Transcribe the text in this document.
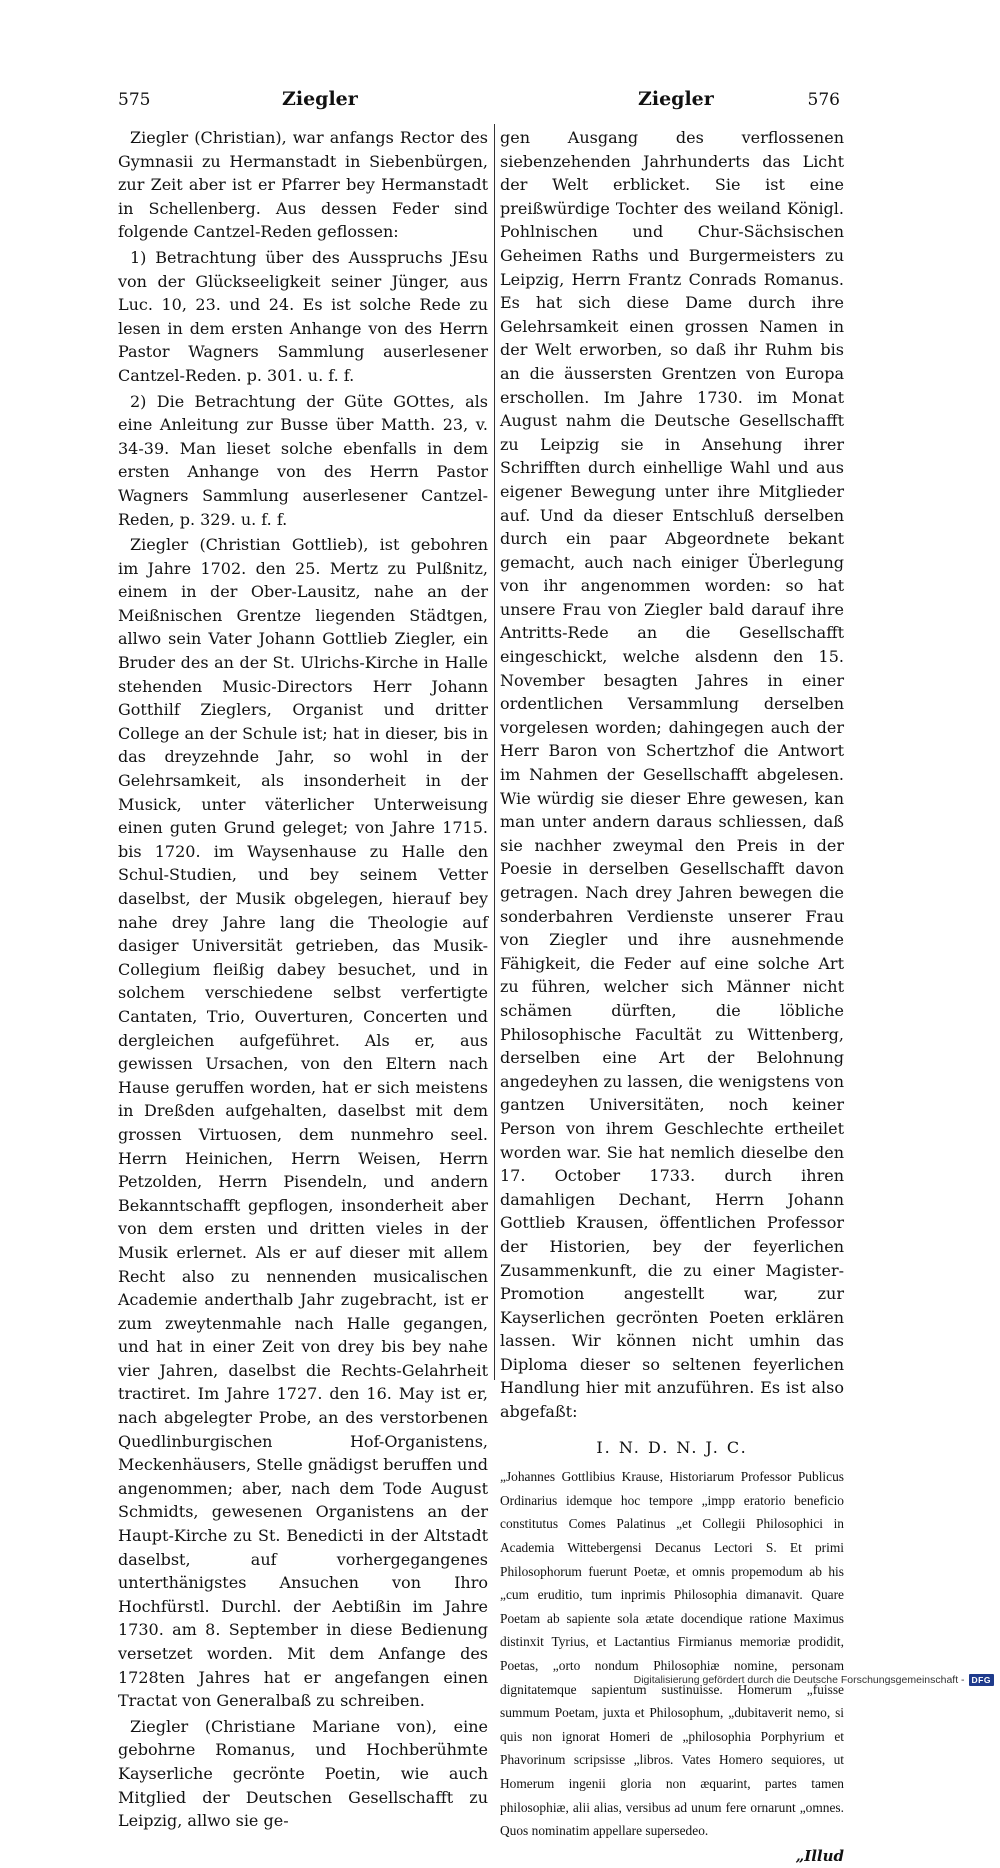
575	Ziegler	Ziegler	576

Ziegler (Christian), war anfangs Rector des Gymnasii zu Hermanstadt in Siebenbürgen, zur Zeit aber ist er Pfarrer bey Hermanstadt in Schellenberg. Aus dessen Feder sind folgende Cantzel-Reden geflossen:

1) Betrachtung über des Ausspruchs JEsu von der Glückseeligkeit seiner Jünger, aus Luc. 10, 23. und 24. Es ist solche Rede zu lesen in dem ersten Anhange von des Herrn Pastor Wagners Sammlung auserlesener Cantzel-Reden. p. 301. u. f. f.

2) Die Betrachtung der Güte GOttes, als eine Anleitung zur Busse über Matth. 23, v. 34-39. Man lieset solche ebenfalls in dem ersten Anhange von des Herrn Pastor Wagners Sammlung auserlesener Cantzel-Reden, p. 329. u. f. f.

Ziegler (Christian Gottlieb), ist gebohren im Jahre 1702. den 25. Mertz zu Pulßnitz, einem in der Ober-Lausitz, nahe an der Meißnischen Grentze liegenden Städtgen, allwo sein Vater Johann Gottlieb Ziegler, ein Bruder des an der St. Ulrichs-Kirche in Halle stehenden Music-Directors Herr Johann Gotthilf Zieglers, Organist und dritter College an der Schule ist; hat in dieser, bis in das dreyzehnde Jahr, so wohl in der Gelehrsamkeit, als insonderheit in der Musick, unter väterlicher Unterweisung einen guten Grund geleget; von Jahre 1715. bis 1720. im Waysenhause zu Halle den Schul-Studien, und bey seinem Vetter daselbst, der Musik obgelegen, hierauf bey nahe drey Jahre lang die Theologie auf dasiger Universität getrieben, das Musik-Collegium fleißig dabey besuchet, und in solchem verschiedene selbst verfertigte Cantaten, Trio, Ouverturen, Concerten und dergleichen aufgeführet. Als er, aus gewissen Ursachen, von den Eltern nach Hause geruffen worden, hat er sich meistens in Dreßden aufgehalten, daselbst mit dem grossen Virtuosen, dem nunmehro seel. Herrn Heinichen, Herrn Weisen, Herrn Petzolden, Herrn Pisendeln, und andern Bekanntschafft gepflogen, insonderheit aber von dem ersten und dritten vieles in der Musik erlernet. Als er auf dieser mit allem Recht also zu nennenden musicalischen Academie anderthalb Jahr zugebracht, ist er zum zweytenmahle nach Halle gegangen, und hat in einer Zeit von drey bis bey nahe vier Jahren, daselbst die Rechts-Gelahrheit tractiret. Im Jahre 1727. den 16. May ist er, nach abgelegter Probe, an des verstorbenen Quedlinburgischen Hof-Organistens, Meckenhäusers, Stelle gnädigst beruffen und angenommen; aber, nach dem Tode August Schmidts, gewesenen Organistens an der Haupt-Kirche zu St. Benedicti in der Altstadt daselbst, auf vorhergegangenes unterthänigstes Ansuchen von Ihro Hochfürstl. Durchl. der Aebtißin im Jahre 1730. am 8. September in diese Bedienung versetzet worden. Mit dem Anfange des 1728ten Jahres hat er angefangen einen Tractat von Generalbaß zu schreiben.

Ziegler (Christiane Mariane von), eine gebohrne Romanus, und Hochberühmte Kayserliche gecrönte Poetin, wie auch Mitglied der Deutschen Gesellschafft zu Leipzig, allwo sie ge-

gen Ausgang des verflossenen siebenzehenden Jahrhunderts das Licht der Welt erblicket. Sie ist eine preißwürdige Tochter des weiland Königl. Pohlnischen und Chur-Sächsischen Geheimen Raths und Burgermeisters zu Leipzig, Herrn Frantz Conrads Romanus. Es hat sich diese Dame durch ihre Gelehrsamkeit einen grossen Namen in der Welt erworben, so daß ihr Ruhm bis an die äussersten Grentzen von Europa erschollen. Im Jahre 1730. im Monat August nahm die Deutsche Gesellschafft zu Leipzig sie in Ansehung ihrer Schrifften durch einhellige Wahl und aus eigener Bewegung unter ihre Mitglieder auf. Und da dieser Entschluß derselben durch ein paar Abgeordnete bekant gemacht, auch nach einiger Überlegung von ihr angenommen worden: so hat unsere Frau von Ziegler bald darauf ihre Antritts-Rede an die Gesellschafft eingeschickt, welche alsdenn den 15. November besagten Jahres in einer ordentlichen Versammlung derselben vorgelesen worden; dahingegen auch der Herr Baron von Schertzhof die Antwort im Nahmen der Gesellschafft abgelesen. Wie würdig sie dieser Ehre gewesen, kan man unter andern daraus schliessen, daß sie nachher zweymal den Preis in der Poesie in derselben Gesellschafft davon getragen. Nach drey Jahren bewegen die sonderbahren Verdienste unserer Frau von Ziegler und ihre ausnehmende Fähigkeit, die Feder auf eine solche Art zu führen, welcher sich Männer nicht schämen dürften, die löbliche Philosophische Facultät zu Wittenberg, derselben eine Art der Belohnung angedeyhen zu lassen, die wenigstens von gantzen Universitäten, noch keiner Person von ihrem Geschlechte ertheilet worden war. Sie hat nemlich dieselbe den 17. October 1733. durch ihren damahligen Dechant, Herrn Johann Gottlieb Krausen, öffentlichen Professor der Historien, bey der feyerlichen Zusammenkunft, die zu einer Magister-Promotion angestellt war, zur Kayserlichen gecrönten Poeten erklären lassen. Wir können nicht umhin das Diploma dieser so seltenen feyerlichen Handlung hier mit anzuführen. Es ist also abgefaßt:

I. N. D. N. J. C.

„Johannes Gottlibius Krause, Historiarum Professor Publicus Ordinarius idemque hoc tempore „impp eratorio beneficio constitutus Comes Palatinus „et Collegii Philosophici in Academia Wittebergensi Decanus Lectori S. Et primi Philosophorum fuerunt Poetæ, et omnis propemodum ab his „cum eruditio, tum inprimis Philosophia dimanavit. Quare Poetam ab sapiente sola ætate docendique ratione Maximus distinxit Tyrius, et Lactantius Firmianus memoriæ prodidit, Poetas, „orto nondum Philosophiæ nomine, personam dignitatemque sapientum sustinuisse. Homerum „fuisse summum Poetam, juxta et Philosophum, „dubitaverit nemo, si quis non ignorat Homeri de „philosophia Porphyrium et Phavorinum scripsisse „libros. Vates Homero sequiores, ut Homerum ingenii gloria non æquarint, partes tamen philosophiæ, alii alias, versibus ad unum fere ornarunt „omnes. Quos nominatim appellare supersedeo.

„Illud
Digitalisierung gefördert durch die Deutsche Forschungsgemeinschaft - DFG
